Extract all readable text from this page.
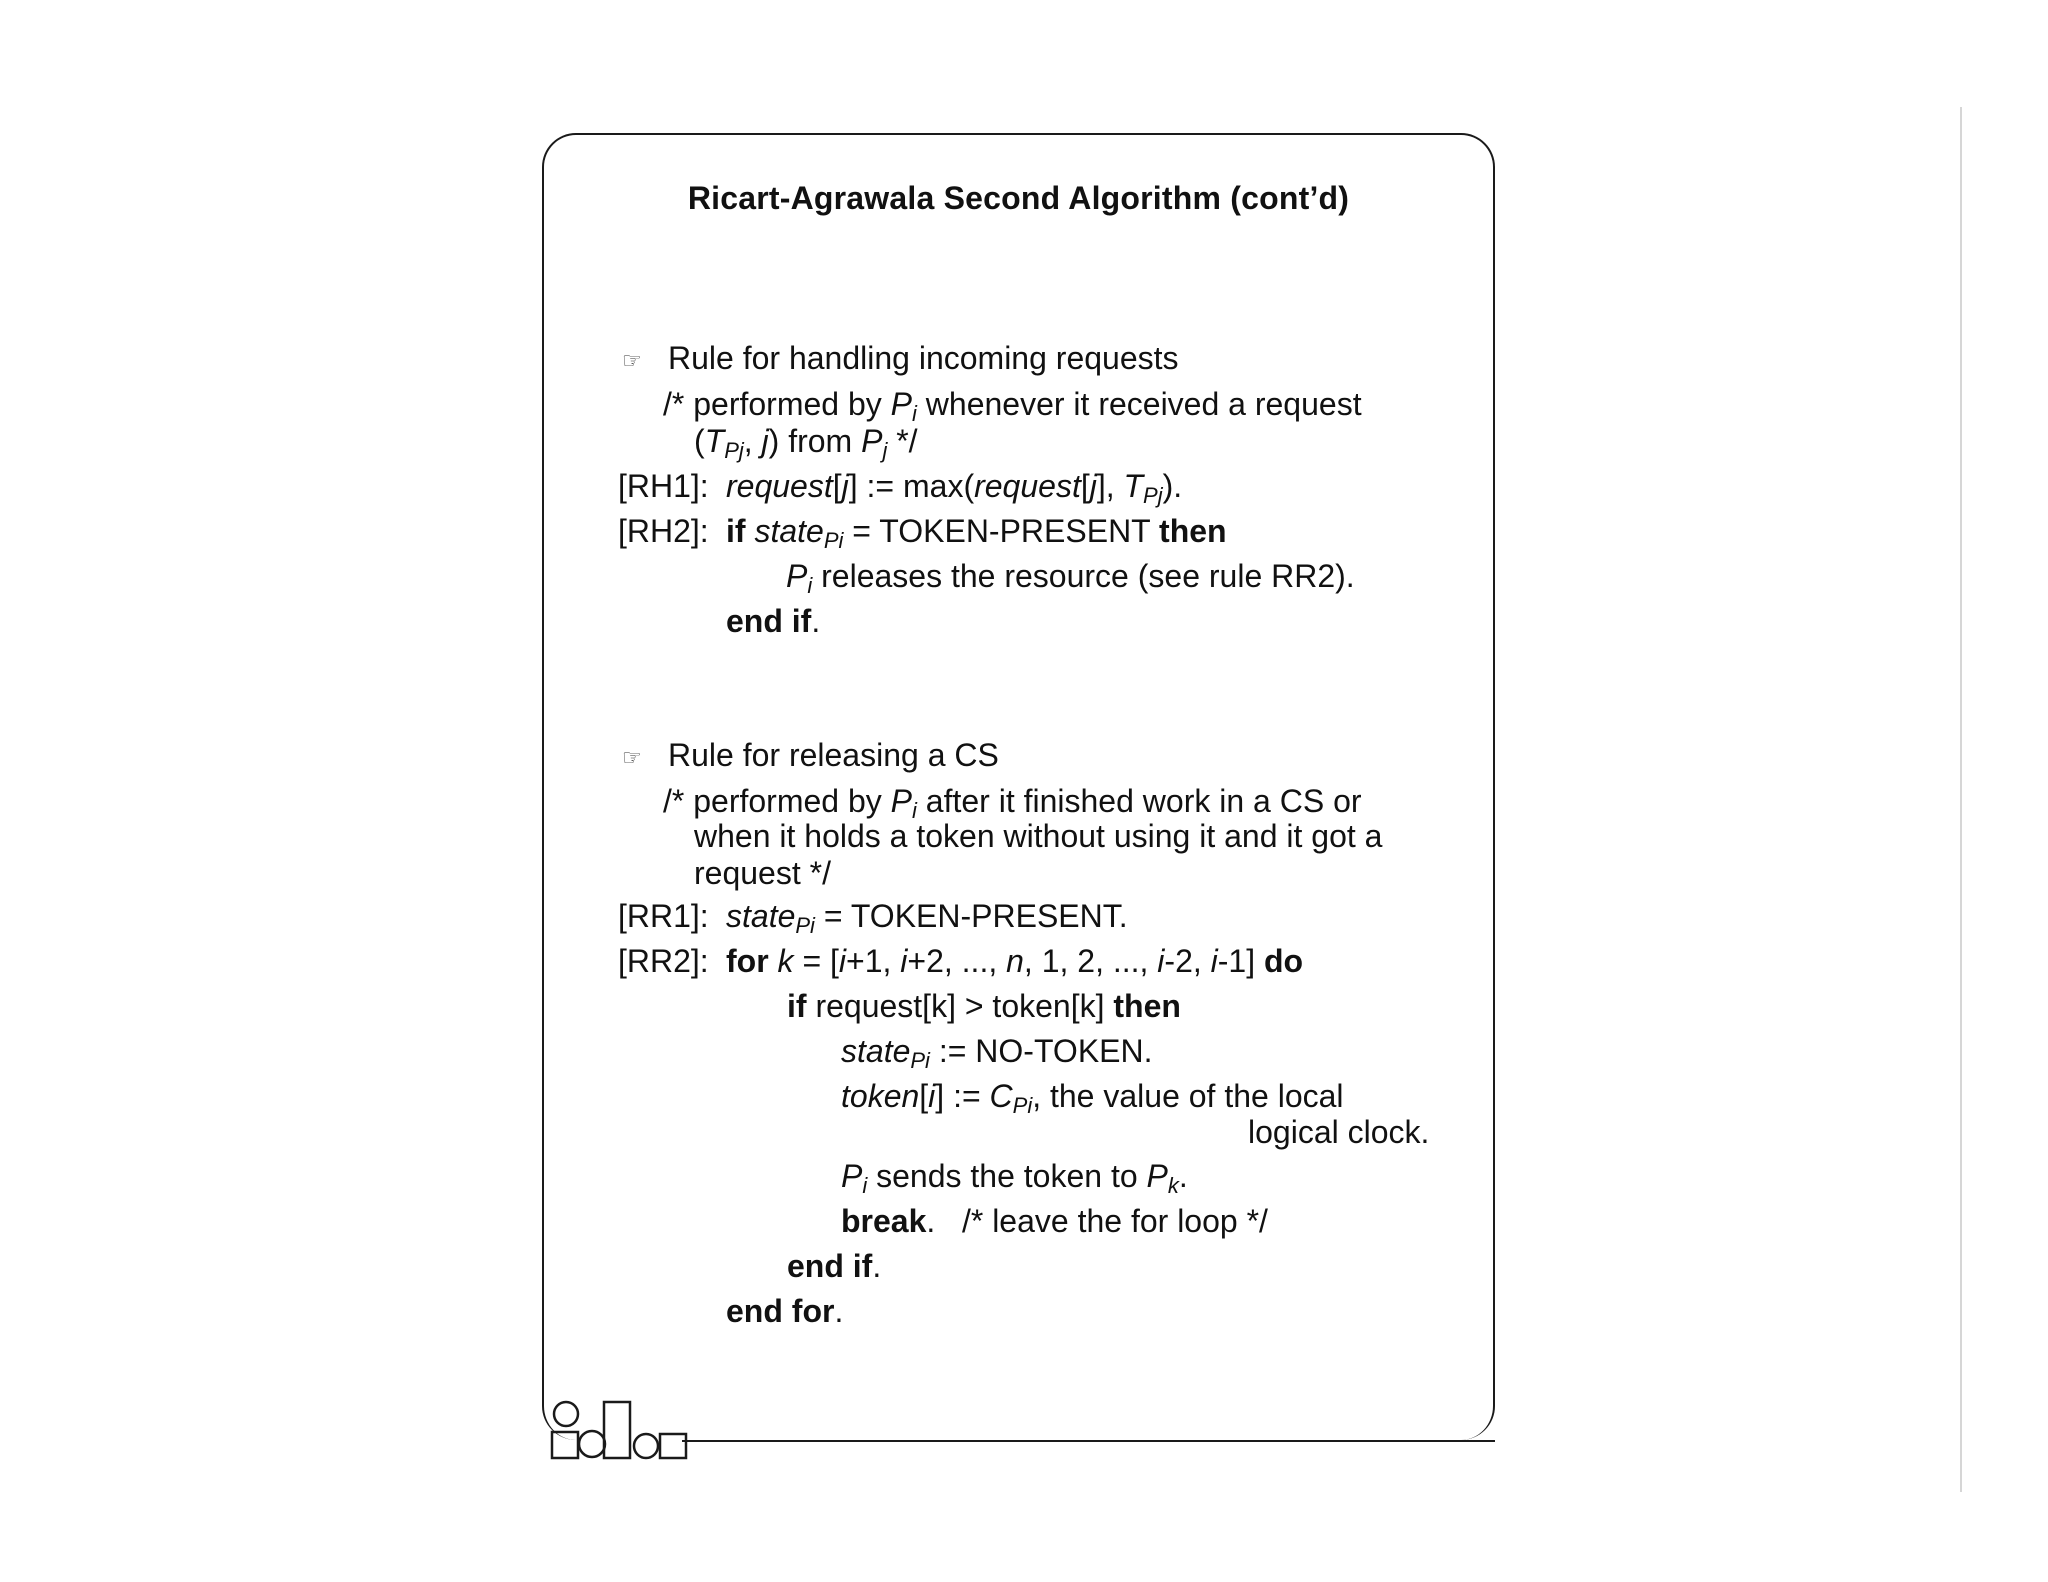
Ricart-Agrawala Second Algorithm (cont’d)
☞ Rule for handling incoming requests
/* performed by $P_i$ whenever it received a request
($T_{Pj}$, j) from $P_j$ */
[RH1]: request[j] := max(request[j], $T_{Pj}$).
[RH2]: if state$_{Pi}$ = TOKEN-PRESENT then
$P_i$ releases the resource (see rule RR2).
end if.
☞ Rule for releasing a CS
/* performed by $P_i$ after it finished work in a CS or
when it holds a token without using it and it got a
request */
[RR1]: state$_{Pi}$ = TOKEN-PRESENT.
[RR2]: for k = [i+1, i+2, ..., n, 1, 2, ..., i-2, i-1] do
if request[k] > token[k] then
state$_{Pi}$ := NO-TOKEN.
token[i] := $C_{Pi}$, the value of the local
logical clock.
$P_i$ sends the token to $P_k$.
break.   /* leave the for loop */
end if.
end for.
